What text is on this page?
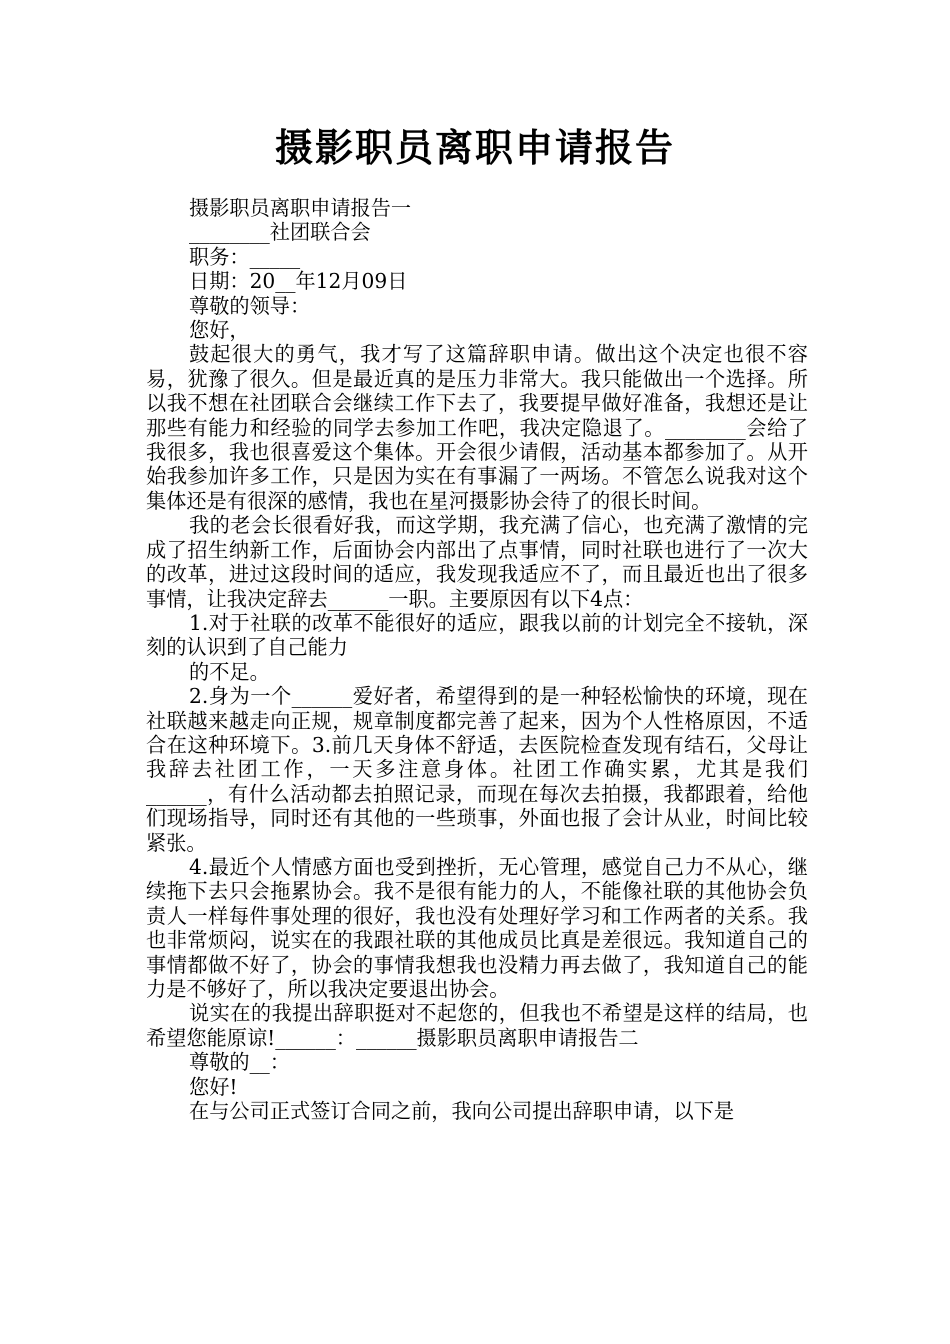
摄影职员离职申请报告

摄影职员离职申请报告一

________社团联合会

职务：_____

日期：20__年12月09日

尊敬的领导：

您好，

鼓起很大的勇气，我才写了这篇辞职申请。做出这个决定也很不容易，犹豫了很久。但是最近真的是压力非常大。我只能做出一个选择。所以我不想在社团联合会继续工作下去了，我要提早做好准备，我想还是让那些有能力和经验的同学去参加工作吧，我决定隐退了。________会给了我很多，我也很喜爱这个集体。开会很少请假，活动基本都参加了。从开始我参加许多工作，只是因为实在有事漏了一两场。不管怎么说我对这个集体还是有很深的感情，我也在星河摄影协会待了的很长时间。

我的老会长很看好我，而这学期，我充满了信心，也充满了激情的完成了招生纳新工作，后面协会内部出了点事情，同时社联也进行了一次大的改革，进过这段时间的适应，我发现我适应不了，而且最近也出了很多事情，让我决定辞去______一职。主要原因有以下4点：

1.对于社联的改革不能很好的适应，跟我以前的计划完全不接轨，深刻的认识到了自己能力

的不足。

2.身为一个______爱好者，希望得到的是一种轻松愉快的环境，现在社联越来越走向正规，规章制度都完善了起来，因为个人性格原因，不适合在这种环境下。3.前几天身体不舒适，去医院检查发现有结石，父母让我辞去社团工作，一天多注意身体。社团工作确实累，尤其是我们______，有什么活动都去拍照记录，而现在每次去拍摄，我都跟着，给他们现场指导，同时还有其他的一些琐事，外面也报了会计从业，时间比较紧张。

4.最近个人情感方面也受到挫折，无心管理，感觉自己力不从心，继续拖下去只会拖累协会。我不是很有能力的人，不能像社联的其他协会负责人一样每件事处理的很好，我也没有处理好学习和工作两者的关系。我也非常烦闷，说实在的我跟社联的其他成员比真是差很远。我知道自己的事情都做不好了，协会的事情我想我也没精力再去做了，我知道自己的能力是不够好了，所以我决定要退出协会。

说实在的我提出辞职挺对不起您的，但我也不希望是这样的结局，也希望您能原谅!______：______摄影职员离职申请报告二

尊敬的__：

您好!

在与公司正式签订合同之前，我向公司提出辞职申请，以下是
